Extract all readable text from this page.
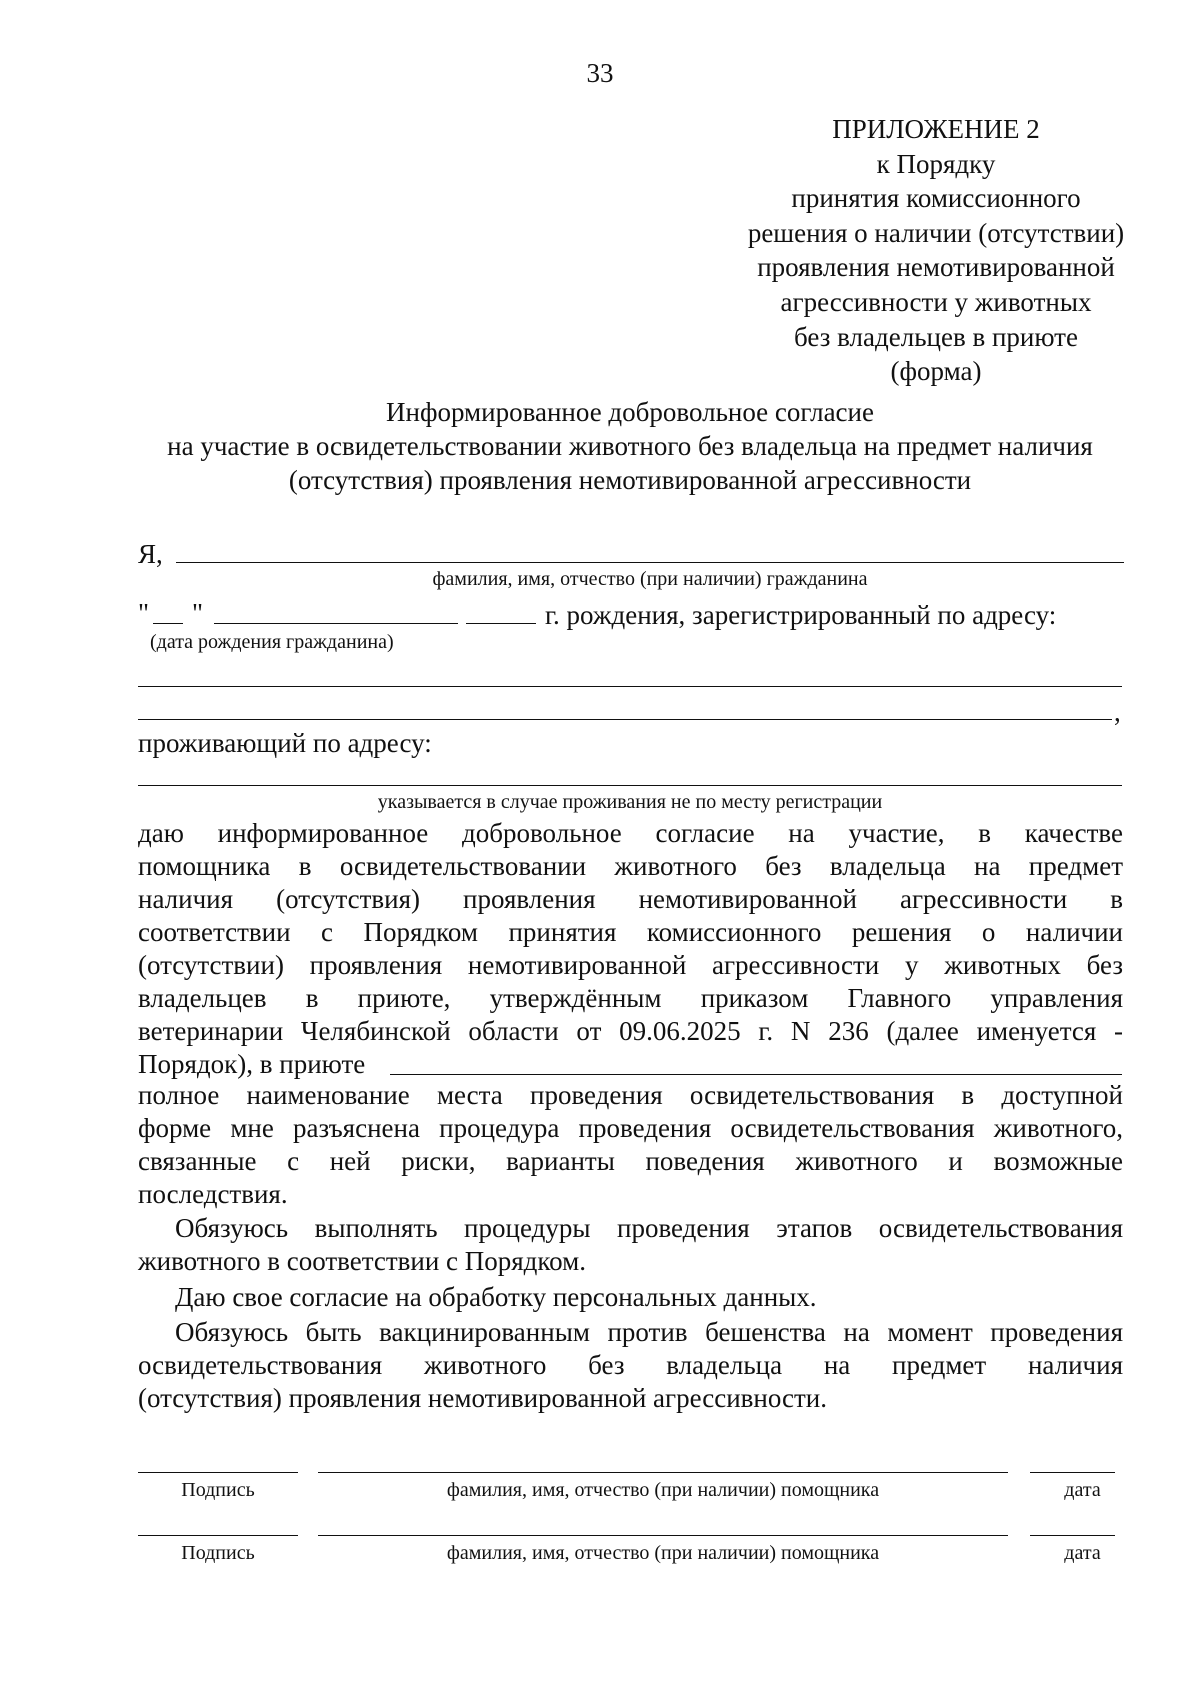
33
ПРИЛОЖЕНИЕ 2
к Порядку
принятия комиссионного
решения о наличии (отсутствии)
проявления немотивированной
агрессивности у животных
без владельцев в приюте
(форма)
Информированное добровольное согласие
на участие в освидетельствовании животного без владельца на предмет наличия
(отсутствия) проявления немотивированной агрессивности
Я,
фамилия, имя, отчество (при наличии) гражданина
" "	г. рождения, зарегистрированный по адресу:
(дата рождения гражданина)
,
проживающий по адресу:
указывается в случае проживания не по месту регистрации
даю информированное добровольное согласие на участие, в качестве
помощника в освидетельствовании животного без владельца на предмет
наличия (отсутствия) проявления немотивированной агрессивности в
соответствии с Порядком принятия комиссионного решения о наличии
(отсутствии) проявления немотивированной агрессивности у животных без
владельцев в приюте, утверждённым приказом Главного управления
ветеринарии Челябинской области от 09.06.2025 г. N 236 (далее именуется -
Порядок), в приюте
полное наименование места проведения освидетельствования в доступной
форме мне разъяснена процедура проведения освидетельствования животного,
связанные с ней риски, варианты поведения животного и возможные
последствия.
Обязуюсь выполнять процедуры проведения этапов освидетельствования
животного в соответствии с Порядком.
Даю свое согласие на обработку персональных данных.
Обязуюсь быть вакцинированным против бешенства на момент проведения
освидетельствования животного без владельца на предмет наличия
(отсутствия) проявления немотивированной агрессивности.
Подпись	фамилия, имя, отчество (при наличии) помощника	дата
Подпись	фамилия, имя, отчество (при наличии) помощника	дата
